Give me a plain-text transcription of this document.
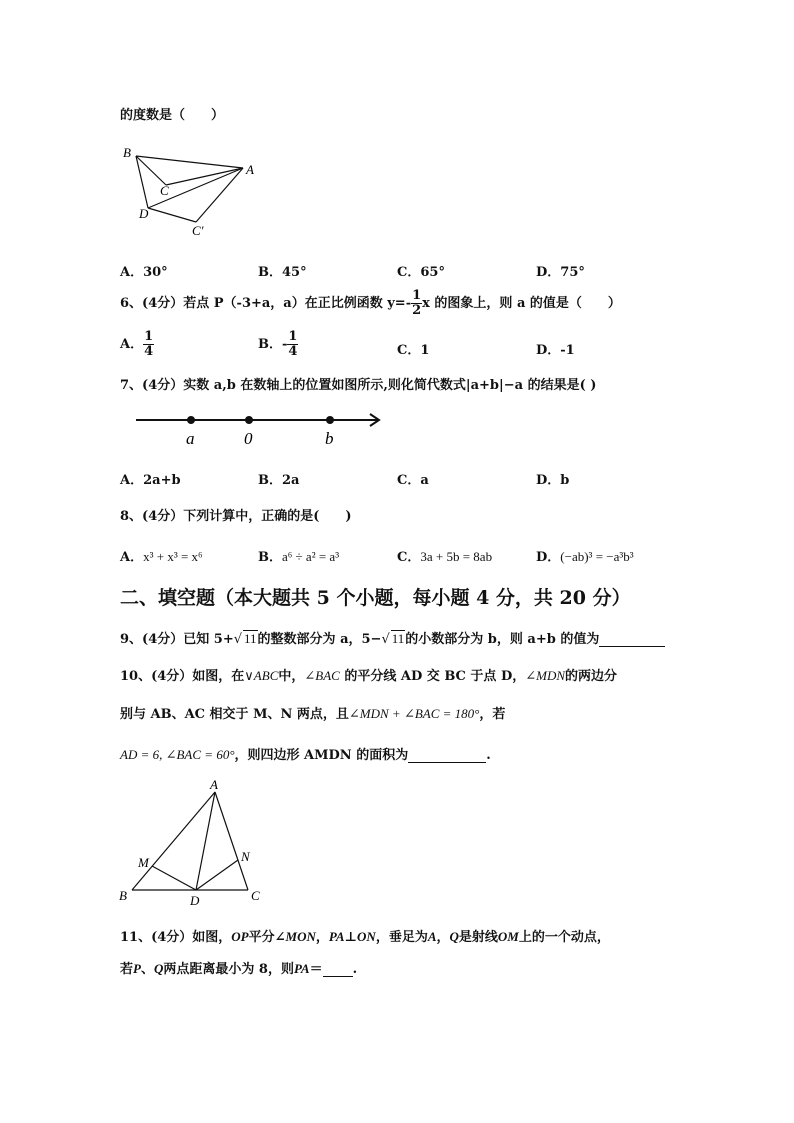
的度数是（　　）
B
A
C
D
C′
A．30°	B．45°	C．65°	D．75°
6、(4分）若点 P（-3+a，a）在正比例函数 $y=- \frac{1}{2}$ x 的图象上，则 a 的值是（　　）
A． $\frac{1}{4}$	B．- $\frac{1}{4}$	C．1	D．-1
7、(4分）实数 a,b 在数轴上的位置如图所示,则化简代数式|a+b|−a 的结果是( )
a	0	b
A．2a+b	B．2a	C．a	D．b
8、(4分）下列计算中，正确的是(　　)
A．x³ + x³ = x⁶	B．a⁶ ÷ a² = a³	C．3a + 5b = 8ab	D．(−ab)³ = −a³b³
二、填空题（本大题共 5 个小题，每小题 4 分，共 20 分）
9、(4分）已知 5+√ 11的整数部分为 a，5−√ 11的小数部分为 b，则 a+b 的值为
10、(4分）如图，在∨ABC中，∠BAC 的平分线 AD 交 BC 于点 D，∠MDN的两边分
别与 AB、AC 相交于 M、N 两点，且∠MDN + ∠BAC = 180°，若
AD = 6, ∠BAC = 60°，则四边形 AMDN 的面积为	.
A
M	N
B	D	C
11、(4分）如图，OP平分∠MON，PA⊥ON，垂足为A，Q是射线OM上的一个动点，
若P、Q两点距离最小为 8，则PA＝ .
